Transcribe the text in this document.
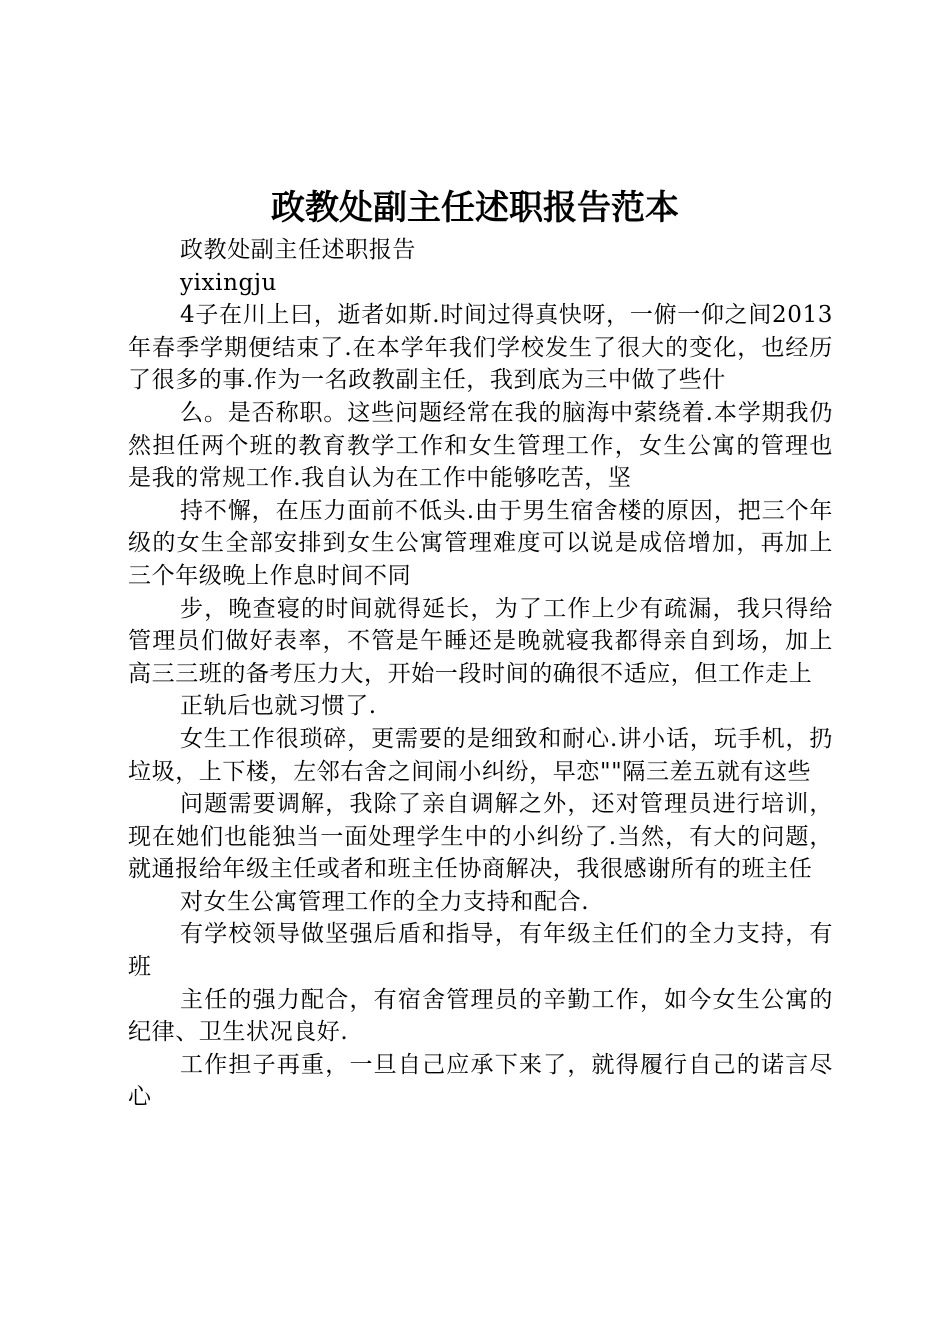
政教处副主任述职报告范本

政教处副主任述职报告

yixingju

4子在川上曰，逝者如斯.时间过得真快呀，一俯一仰之间2013年春季学期便结束了.在本学年我们学校发生了很大的变化，也经历了很多的事.作为一名政教副主任，我到底为三中做了些什

么。是否称职。这些问题经常在我的脑海中萦绕着.本学期我仍然担任两个班的教育教学工作和女生管理工作，女生公寓的管理也是我的常规工作.我自认为在工作中能够吃苦，坚

持不懈，在压力面前不低头.由于男生宿舍楼的原因，把三个年级的女生全部安排到女生公寓管理难度可以说是成倍增加，再加上三个年级晚上作息时间不同

步，晚查寝的时间就得延长，为了工作上少有疏漏，我只得给管理员们做好表率，不管是午睡还是晚就寝我都得亲自到场，加上高三三班的备考压力大，开始一段时间的确很不适应，但工作走上

正轨后也就习惯了.

女生工作很琐碎，更需要的是细致和耐心.讲小话，玩手机，扔垃圾，上下楼，左邻右舍之间闹小纠纷，早恋""隔三差五就有这些

问题需要调解，我除了亲自调解之外，还对管理员进行培训，现在她们也能独当一面处理学生中的小纠纷了.当然，有大的问题，就通报给年级主任或者和班主任协商解决，我很感谢所有的班主任

对女生公寓管理工作的全力支持和配合.

有学校领导做坚强后盾和指导，有年级主任们的全力支持，有班

主任的强力配合，有宿舍管理员的辛勤工作，如今女生公寓的纪律、卫生状况良好.

工作担子再重，一旦自己应承下来了，就得履行自己的诺言尽心
